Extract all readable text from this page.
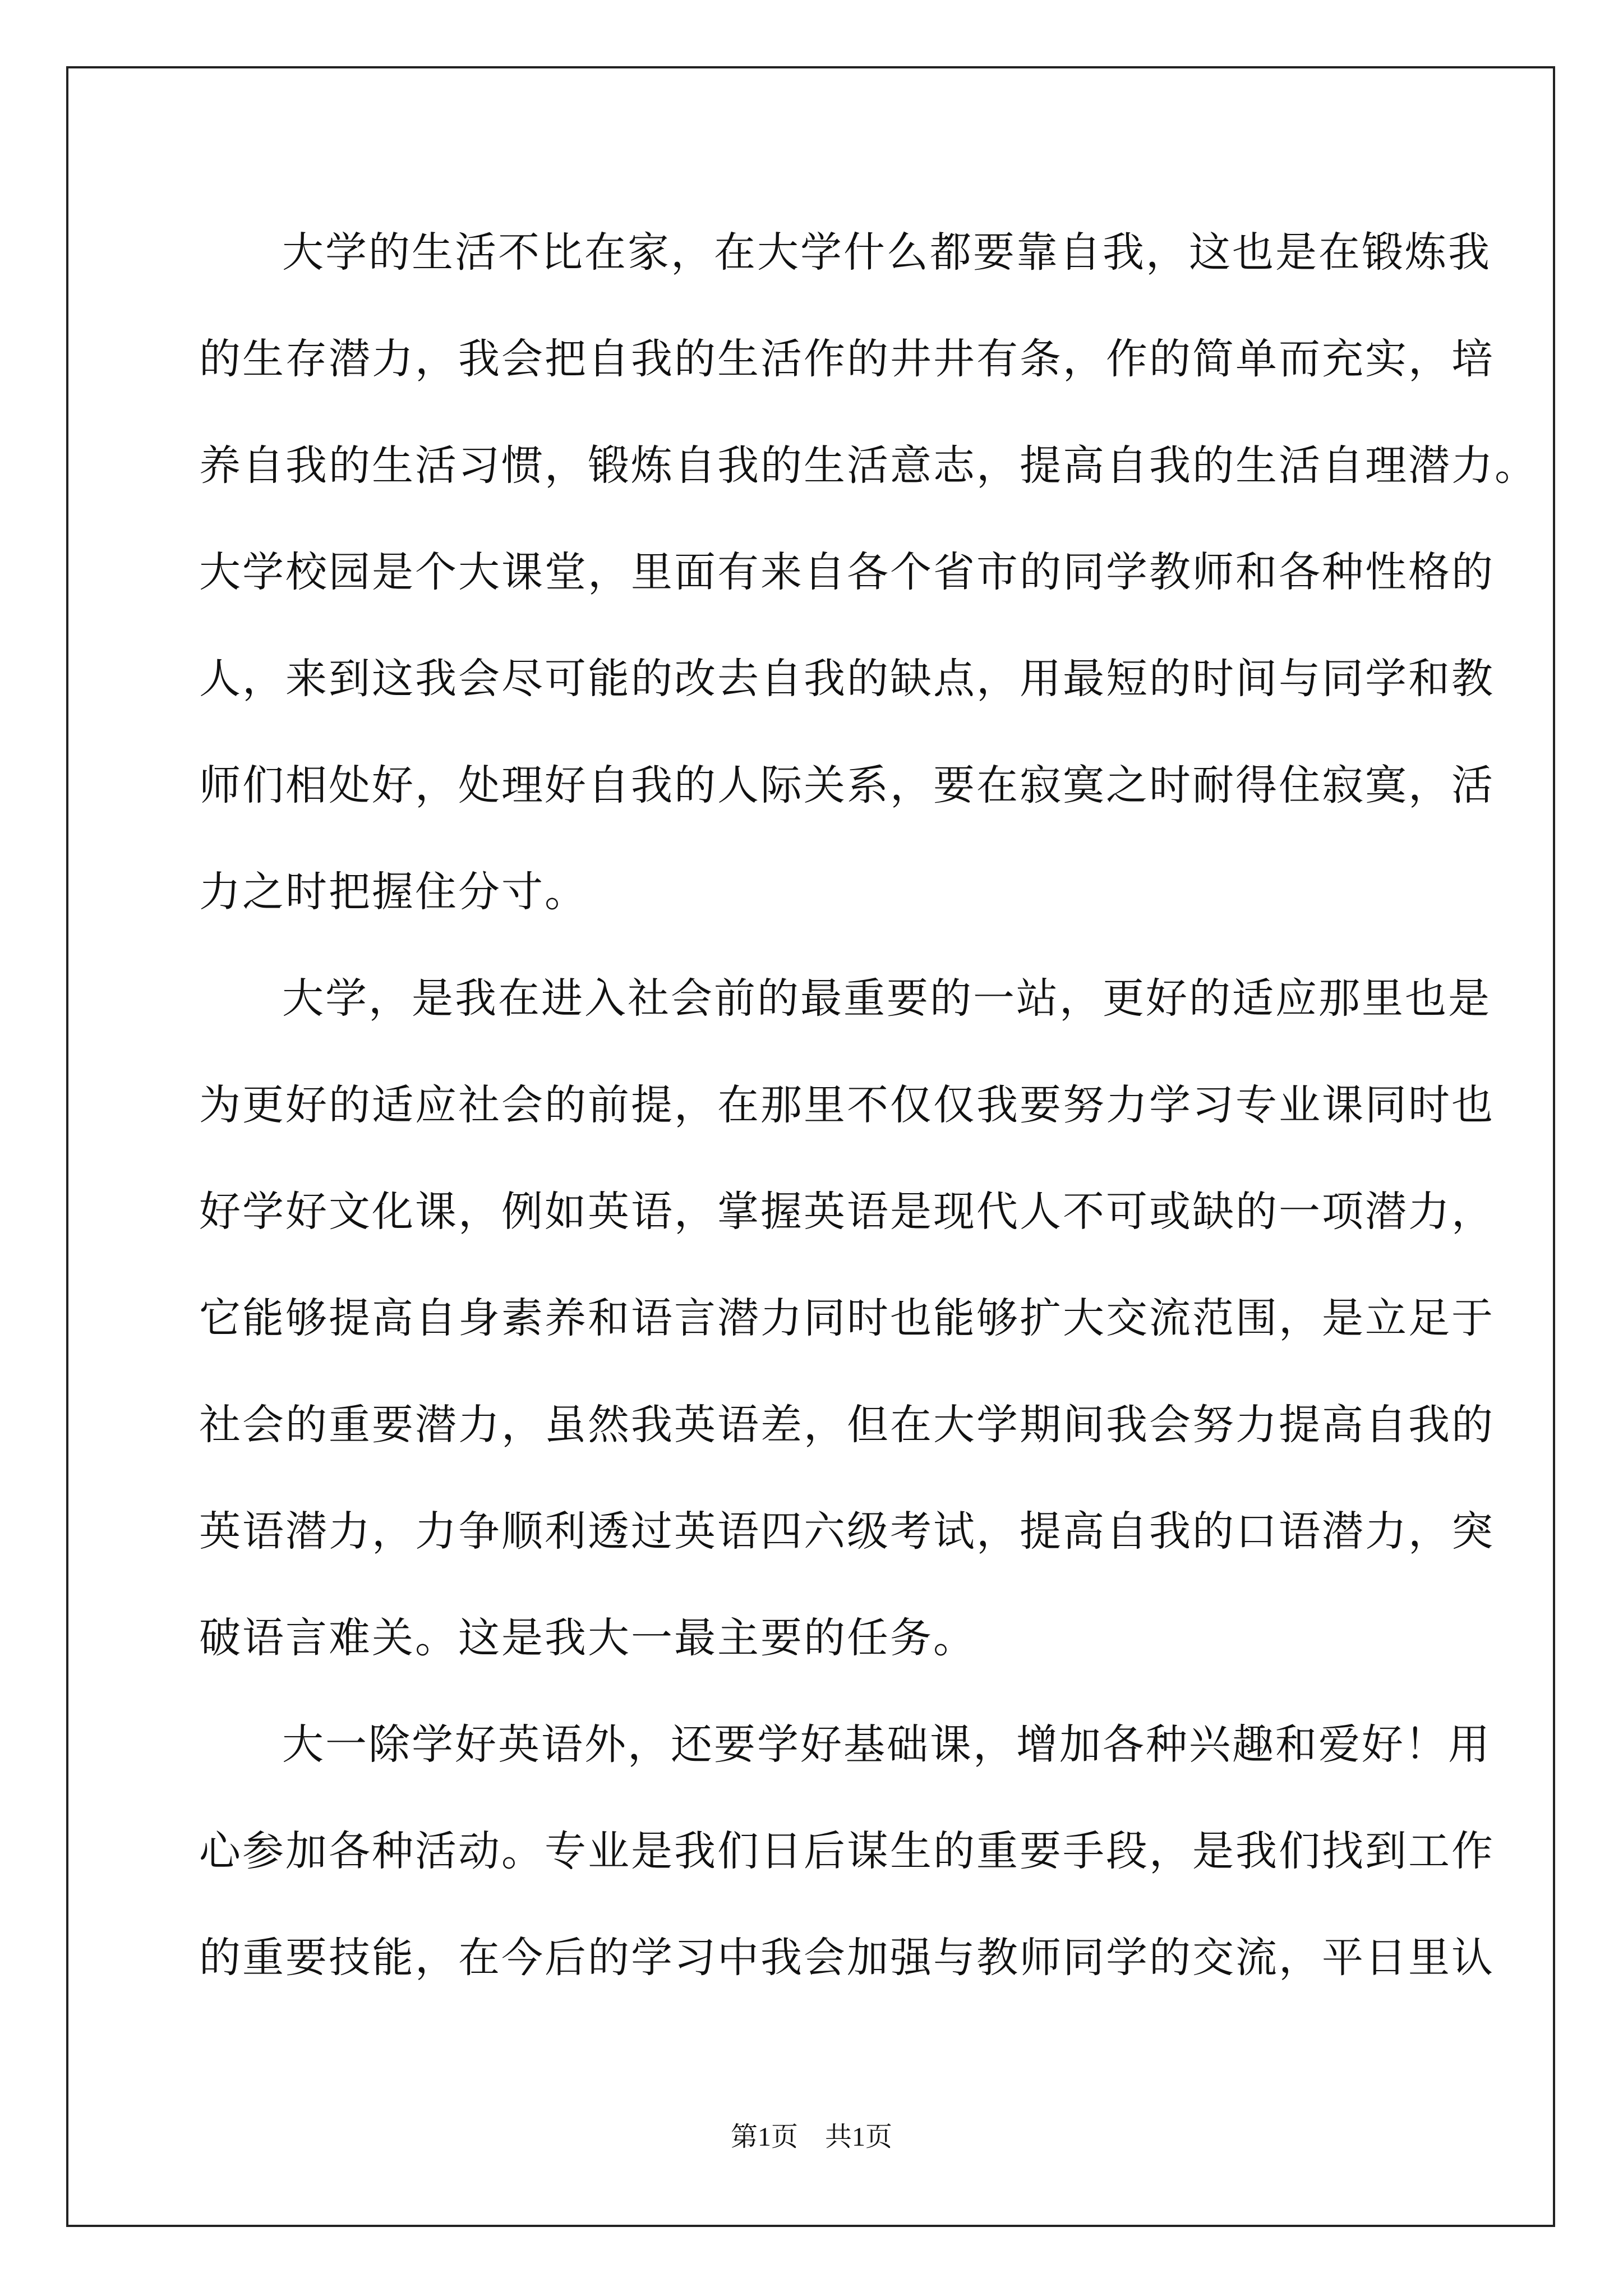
大学的生活不比在家，在大学什么都要靠自我，这也是在锻炼我
的生存潜力，我会把自我的生活作的井井有条，作的简单而充实，培
养自我的生活习惯，锻炼自我的生活意志，提高自我的生活自理潜力。
大学校园是个大课堂，里面有来自各个省市的同学教师和各种性格的
人，来到这我会尽可能的改去自我的缺点，用最短的时间与同学和教
师们相处好，处理好自我的人际关系，要在寂寞之时耐得住寂寞，活
力之时把握住分寸。
大学，是我在进入社会前的最重要的一站，更好的适应那里也是
为更好的适应社会的前提，在那里不仅仅我要努力学习专业课同时也
好学好文化课，例如英语，掌握英语是现代人不可或缺的一项潜力，
它能够提高自身素养和语言潜力同时也能够扩大交流范围，是立足于
社会的重要潜力，虽然我英语差，但在大学期间我会努力提高自我的
英语潜力，力争顺利透过英语四六级考试，提高自我的口语潜力，突
破语言难关。这是我大一最主要的任务。
大一除学好英语外，还要学好基础课，增加各种兴趣和爱好！用
心参加各种活动。专业是我们日后谋生的重要手段，是我们找到工作
的重要技能，在今后的学习中我会加强与教师同学的交流，平日里认
第1页　共1页
